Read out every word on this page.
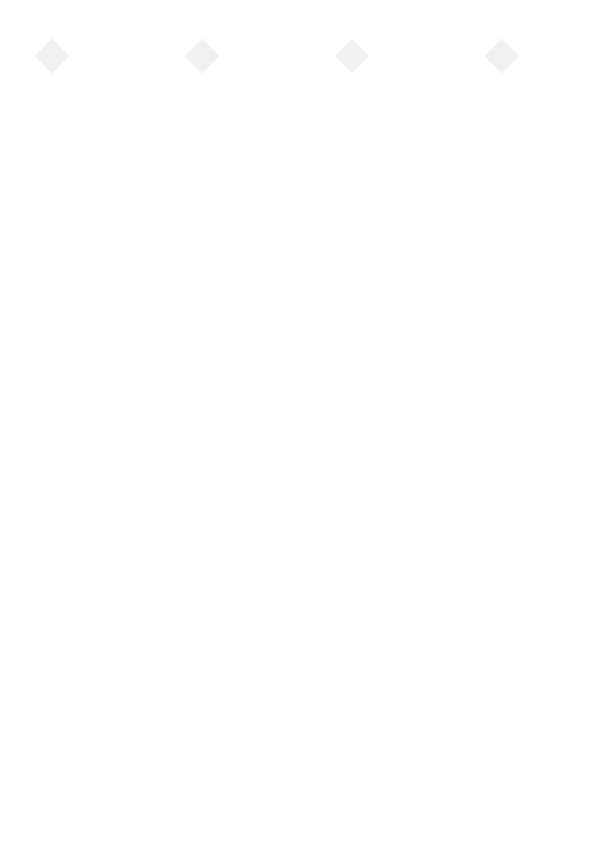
◆ ◆ ◆ ◆
